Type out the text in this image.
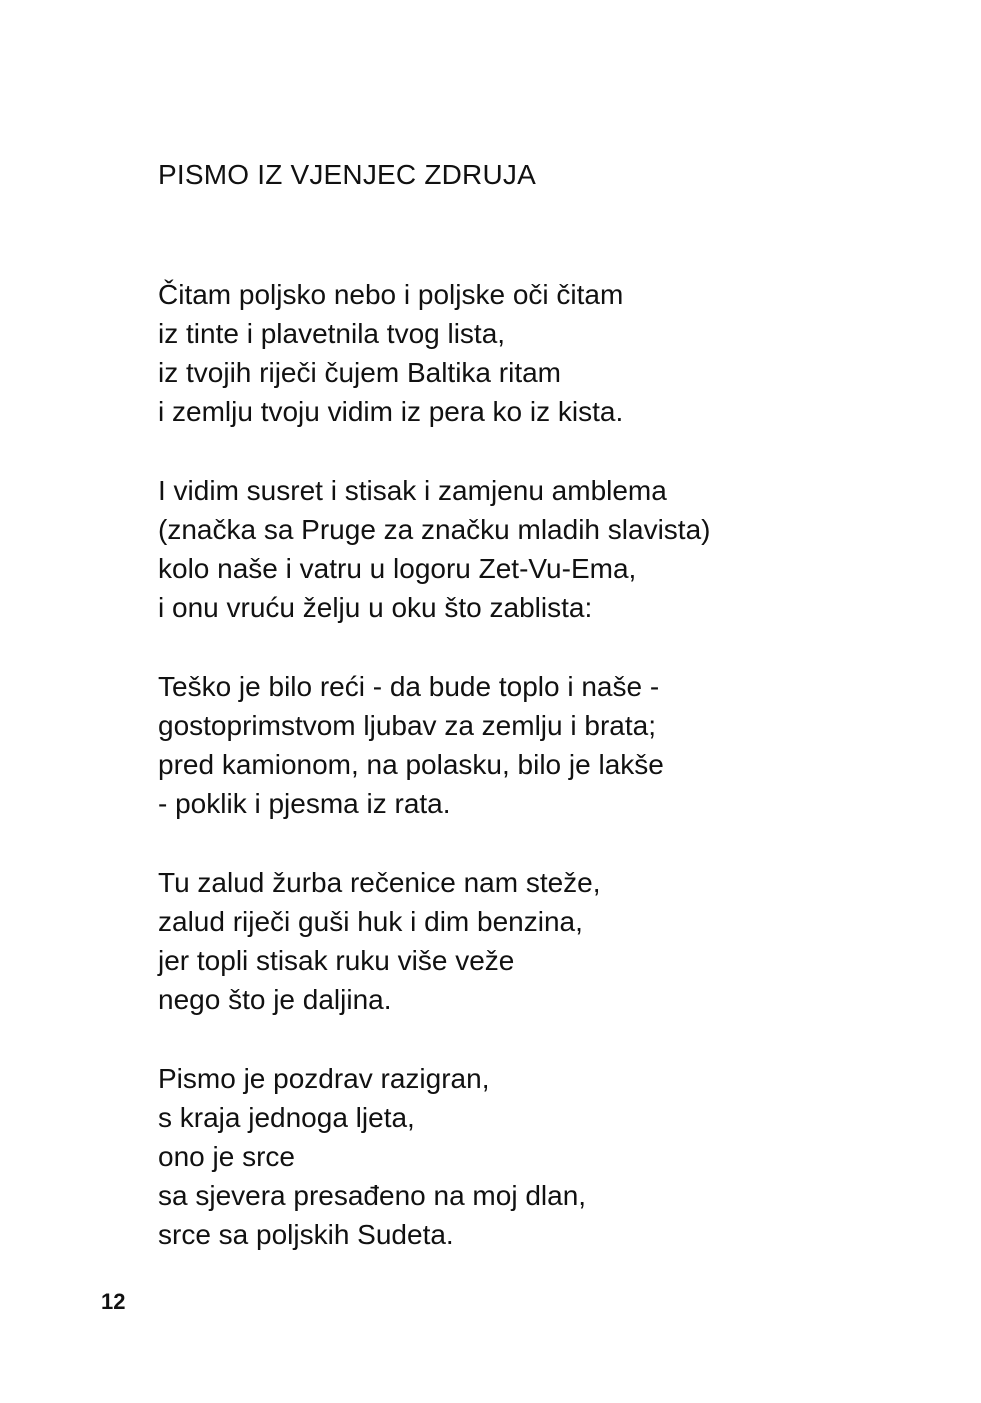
PISMO IZ VJENJEC ZDRUJA
Čitam poljsko nebo i poljske oči čitam
iz tinte i plavetnila tvog lista,
iz tvojih riječi čujem Baltika ritam
i zemlju tvoju vidim iz pera ko iz kista.
I vidim susret i stisak i zamjenu amblema
(značka sa Pruge za značku mladih slavista)
kolo naše i vatru u logoru Zet-Vu-Ema,
i onu vruću želju u oku što zablista:
Teško je bilo reći - da bude toplo i naše -
gostoprimstvom ljubav za zemlju i brata;
pred kamionom, na polasku, bilo je lakše
- poklik i pjesma iz rata.
Tu zalud žurba rečenice nam steže,
zalud riječi guši huk i dim benzina,
jer topli stisak ruku više veže
nego što je daljina.
Pismo je pozdrav razigran,
s kraja jednoga ljeta,
ono je srce
sa sjevera presađeno na moj dlan,
srce sa poljskih Sudeta.
12
